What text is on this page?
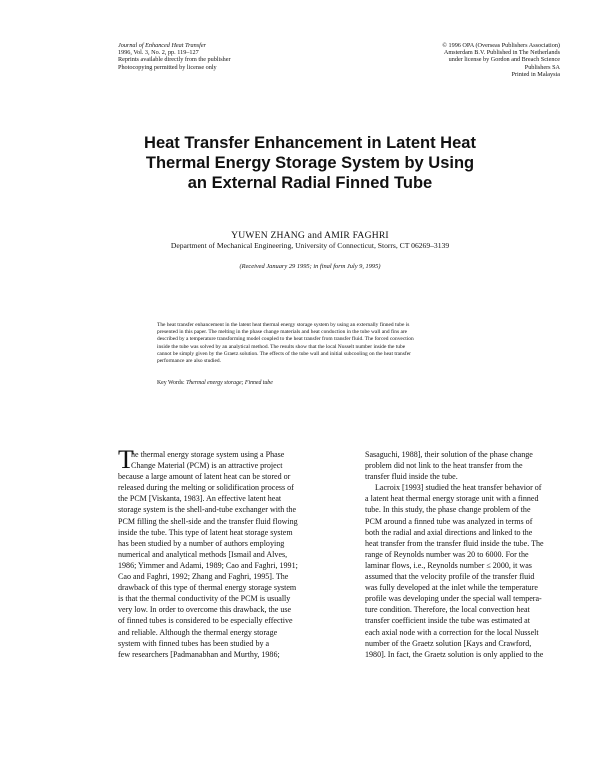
Journal of Enhanced Heat Transfer
1996, Vol. 3, No. 2, pp. 119–127
Reprints available directly from the publisher
Photocopying permitted by license only
© 1996 OPA (Overseas Publishers Association)
Amsterdam B.V. Published in The Netherlands
under license by Gordon and Breach Science
Publishers SA
Printed in Malaysia
Heat Transfer Enhancement in Latent Heat
Thermal Energy Storage System by Using
an External Radial Finned Tube
YUWEN ZHANG and AMIR FAGHRI
Department of Mechanical Engineering, University of Connecticut, Storrs, CT 06269–3139
(Received January 29 1995; in final form July 9, 1995)
The heat transfer enhancement in the latent heat thermal energy storage system by using an externally finned tube is
presented in this paper. The melting in the phase change materials and heat conduction in the tube wall and fins are
described by a temperature transforming model coupled to the heat transfer from transfer fluid. The forced convection
inside the tube was solved by an analytical method. The results show that the local Nusselt number inside the tube
cannot be simply given by the Graetz solution. The effects of the tube wall and initial subcooling on the heat transfer
performance are also studied.
Key Words: Thermal energy storage; Finned tube
T
he thermal energy storage system using a Phase
Change Material (PCM) is an attractive project
because a large amount of latent heat can be stored or
released during the melting or solidification process of
the PCM [Viskanta, 1983]. An effective latent heat
storage system is the shell-and-tube exchanger with the
PCM filling the shell-side and the transfer fluid flowing
inside the tube. This type of latent heat storage system
has been studied by a number of authors employing
numerical and analytical methods [Ismail and Alves,
1986; Yimmer and Adami, 1989; Cao and Faghri, 1991;
Cao and Faghri, 1992; Zhang and Faghri, 1995]. The
drawback of this type of thermal energy storage system
is that the thermal conductivity of the PCM is usually
very low. In order to overcome this drawback, the use
of finned tubes is considered to be especially effective
and reliable. Although the thermal energy storage
system with finned tubes has been studied by a
few researchers [Padmanabhan and Murthy, 1986;
Sasaguchi, 1988], their solution of the phase change
problem did not link to the heat transfer from the
transfer fluid inside the tube.
Lacroix [1993] studied the heat transfer behavior of
a latent heat thermal energy storage unit with a finned
tube. In this study, the phase change problem of the
PCM around a finned tube was analyzed in terms of
both the radial and axial directions and linked to the
heat transfer from the transfer fluid inside the tube. The
range of Reynolds number was 20 to 6000. For the
laminar flows, i.e., Reynolds number ≤ 2000, it was
assumed that the velocity profile of the transfer fluid
was fully developed at the inlet while the temperature
profile was developing under the special wall tempera-
ture condition. Therefore, the local convection heat
transfer coefficient inside the tube was estimated at
each axial node with a correction for the local Nusselt
number of the Graetz solution [Kays and Crawford,
1980]. In fact, the Graetz solution is only applied to the
